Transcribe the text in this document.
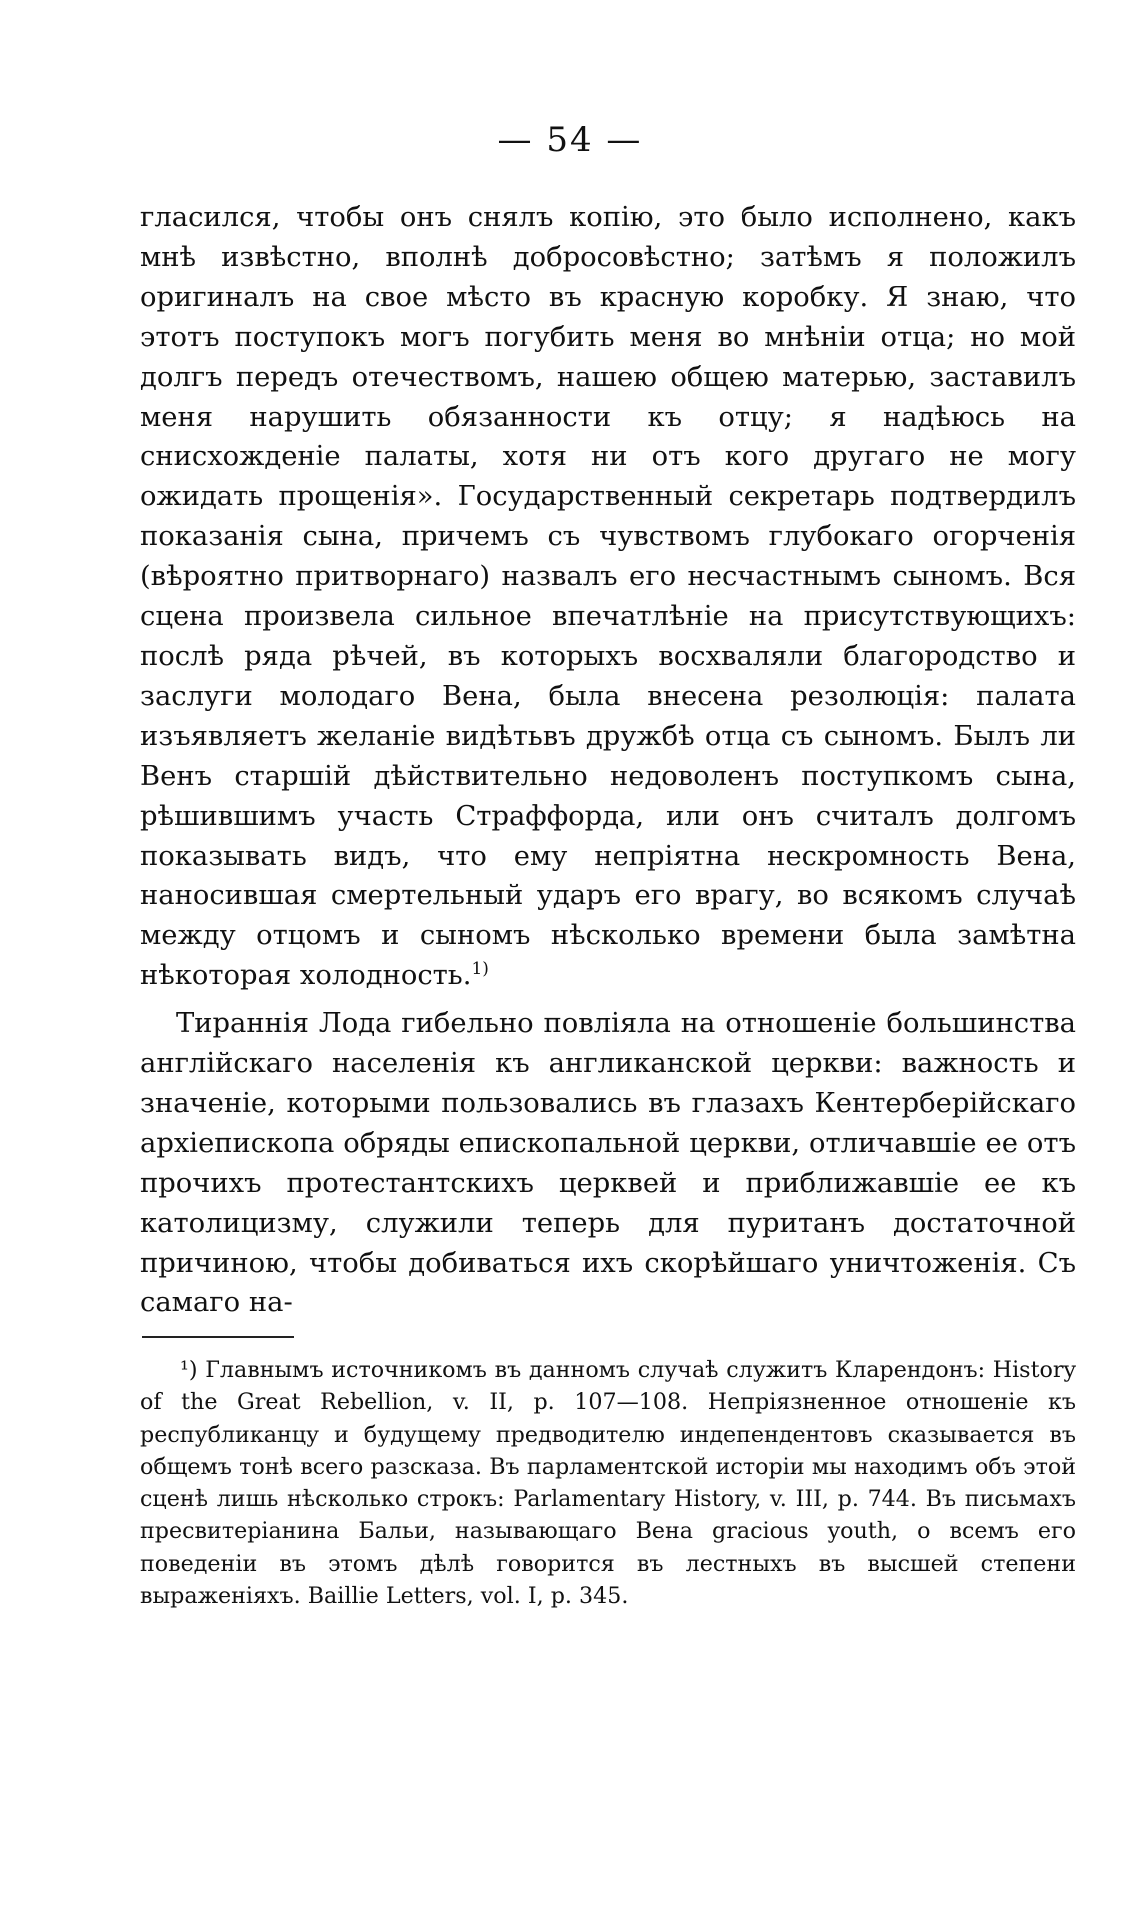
— 54 —

гласился, чтобы онъ снялъ копію, это было исполнено, какъ мнѣ извѣстно, вполнѣ добросовѣстно; затѣмъ я положилъ оригиналъ на свое мѣсто въ красную коробку. Я знаю, что этотъ поступокъ могъ погубить меня во мнѣніи отца; но мой долгъ передъ отечествомъ, нашею общею матерью, заставилъ меня нарушить обязанности къ отцу; я надѣюсь на снисхожденіе палаты, хотя ни отъ кого другаго не могу ожидать прощенія». Государственный секретарь подтвердилъ показанія сына, причемъ съ чувствомъ глубокаго огорченія (вѣроятно притворнаго) назвалъ его несчастнымъ сыномъ. Вся сцена произвела сильное впечатлѣніе на присутствующихъ: послѣ ряда рѣчей, въ которыхъ восхваляли благородство и заслуги молодаго Вена, была внесена резолюція: палата изъявляетъ желаніе видѣтьвъ дружбѣ отца съ сыномъ. Былъ ли Венъ старшій дѣйствительно недоволенъ поступкомъ сына, рѣшившимъ участь Страффорда, или онъ считалъ долгомъ показывать видъ, что ему непріятна нескромность Вена, наносившая смертельный ударъ его врагу, во всякомъ случаѣ между отцомъ и сыномъ нѣсколько времени была замѣтна нѣкоторая холодность.$^{1)}$

Тираннія Лода гибельно повліяла на отношеніе большинства англійскаго населенія къ англиканской церкви: важность и значеніе, которыми пользовались въ глазахъ Кентерберійскаго архіепископа обряды епископальной церкви, отличавшіе ее отъ прочихъ протестантскихъ церквей и приближавшіе ее къ католицизму, служили теперь для пуританъ достаточной причиною, чтобы добиваться ихъ скорѣйшаго уничтоженія. Съ самаго на-

¹) Главнымъ источникомъ въ данномъ случаѣ служитъ Кларендонъ: History of the Great Rebellion, v. II, p. 107—108. Непріязненное отношеніе къ республиканцу и будущему предводителю индепендентовъ сказывается въ общемъ тонѣ всего разсказа. Въ парламентской исторіи мы находимъ объ этой сценѣ лишь нѣсколько строкъ: Parlamentary History, v. III, p. 744. Въ письмахъ пресвитеріанина Бальи, называющаго Вена gracious youth, о всемъ его поведеніи въ этомъ дѣлѣ говорится въ лестныхъ въ высшей степени выраженіяхъ. Baillie Letters, vol. I, p. 345.
